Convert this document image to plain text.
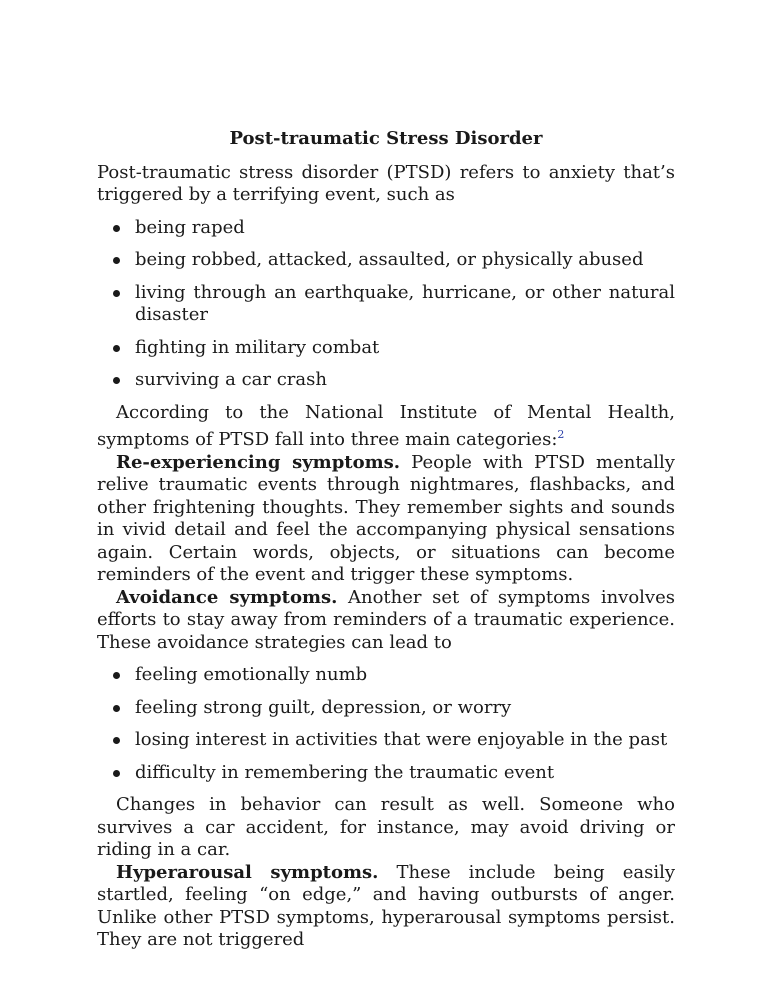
Post-traumatic Stress Disorder

Post-traumatic stress disorder (PTSD) refers to anxiety that’s triggered by a terrifying event, such as

being raped
being robbed, attacked, assaulted, or physically abused
living through an earthquake, hurricane, or other natural disaster
fighting in military combat
surviving a car crash

According to the National Institute of Mental Health, symptoms of PTSD fall into three main categories:$^2$

Re-experiencing symptoms. People with PTSD mentally relive traumatic events through nightmares, flashbacks, and other frightening thoughts. They remember sights and sounds in vivid detail and feel the accompanying physical sensations again. Certain words, objects, or situations can become reminders of the event and trigger these symptoms.

Avoidance symptoms. Another set of symptoms involves efforts to stay away from reminders of a traumatic experience. These avoidance strategies can lead to

feeling emotionally numb
feeling strong guilt, depression, or worry
losing interest in activities that were enjoyable in the past
difficulty in remembering the traumatic event

Changes in behavior can result as well. Someone who survives a car accident, for instance, may avoid driving or riding in a car.

Hyperarousal symptoms. These include being easily startled, feeling “on edge,” and having outbursts of anger. Unlike other PTSD symptoms, hyperarousal symptoms persist. They are not triggered
